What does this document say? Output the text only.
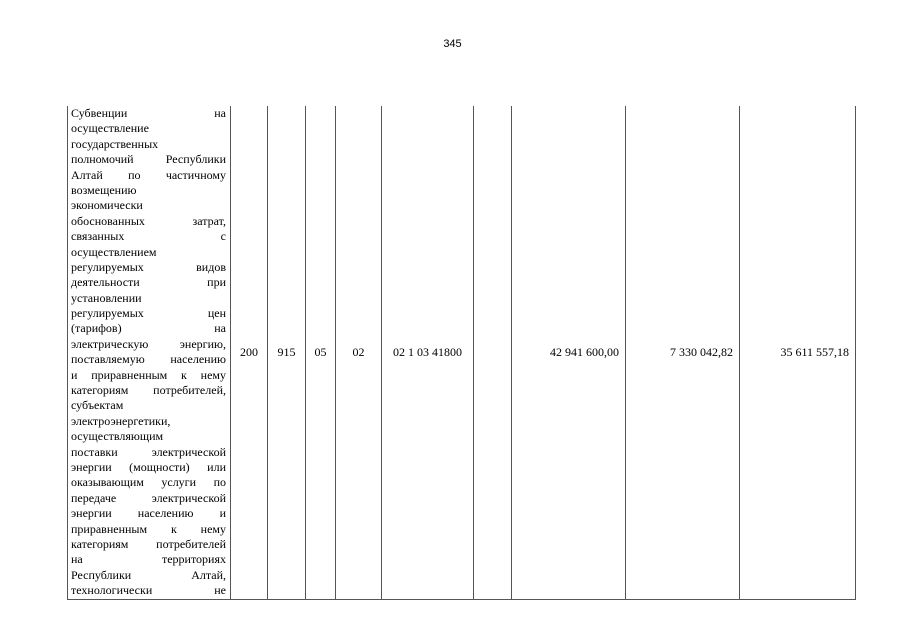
345
Субвенции на
осуществление
государственных
полномочий Республики
Алтай по частичному
возмещению
экономически
обоснованных затрат,
связанных с
осуществлением
регулируемых видов
деятельности при
установлении
регулируемых цен
(тарифов) на
электрическую энергию,
поставляемую населению
и приравненным к нему
категориям потребителей,
субъектам
электроэнергетики,
осуществляющим
поставки электрической
энергии (мощности) или
оказывающим услуги по
передаче электрической
энергии населению и
приравненным к нему
категориям потребителей
на территориях
Республики Алтай,
технологически не
	200	915	05	02	02 1 03 41800		42 941 600,00	7 330 042,82	35 611 557,18
